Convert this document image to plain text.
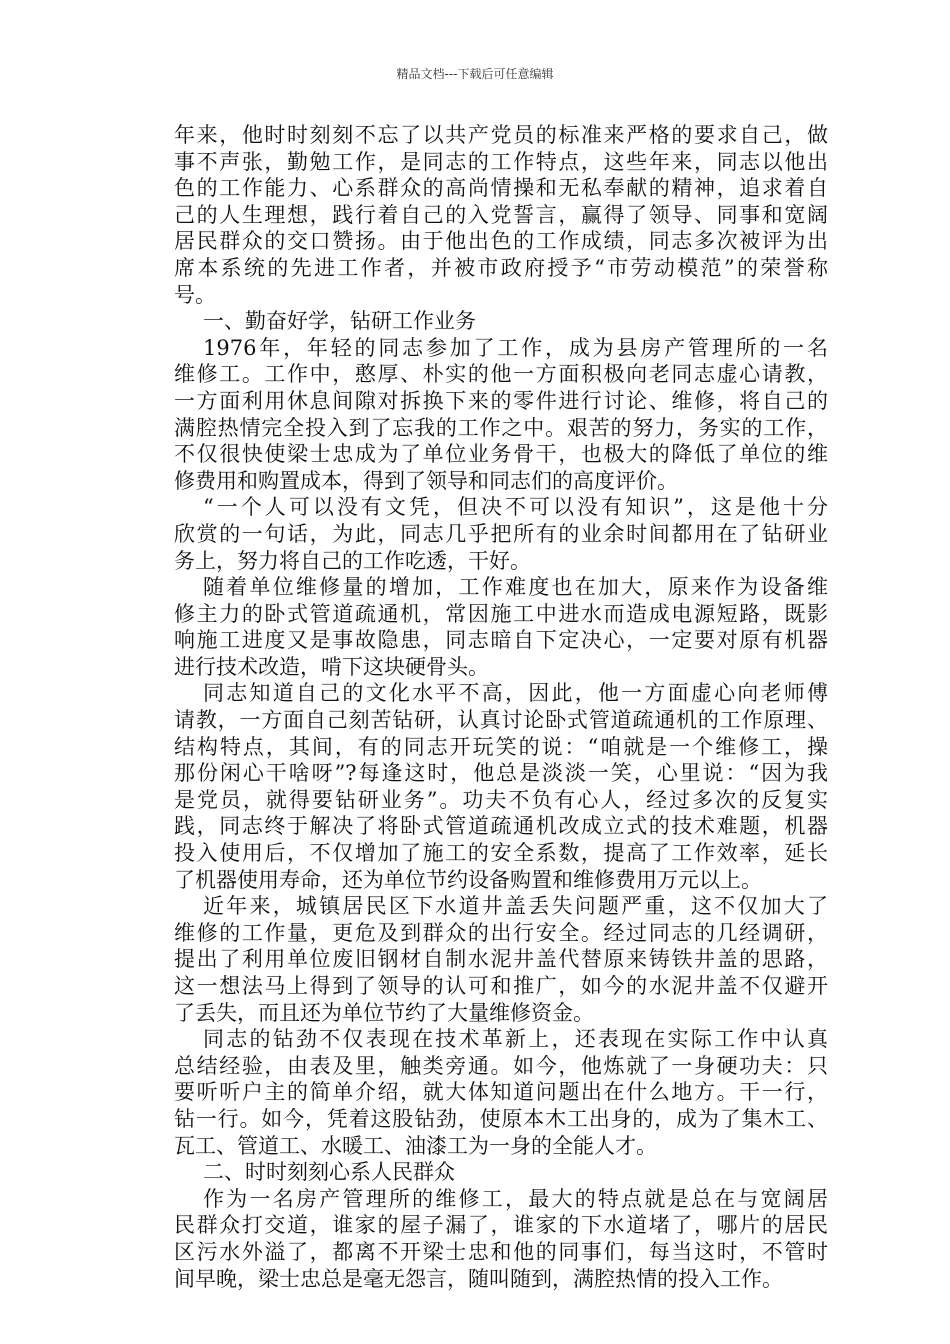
精品文档---下载后可任意编辑
年来，他时时刻刻不忘了以共产党员的标准来严格的要求自己，做
事不声张，勤勉工作，是同志的工作特点，这些年来，同志以他出
色的工作能力、心系群众的高尚情操和无私奉献的精神，追求着自
己的人生理想，践行着自己的入党誓言，赢得了领导、同事和宽阔
居民群众的交口赞扬。由于他出色的工作成绩，同志多次被评为出
席本系统的先进工作者，并被市政府授予“市劳动模范”的荣誉称
号。
一、勤奋好学，钻研工作业务
1976年，年轻的同志参加了工作，成为县房产管理所的一名
维修工。工作中，憨厚、朴实的他一方面积极向老同志虚心请教，
一方面利用休息间隙对拆换下来的零件进行讨论、维修，将自己的
满腔热情完全投入到了忘我的工作之中。艰苦的努力，务实的工作，
不仅很快使梁士忠成为了单位业务骨干，也极大的降低了单位的维
修费用和购置成本，得到了领导和同志们的高度评价。
“一个人可以没有文凭，但决不可以没有知识”，这是他十分
欣赏的一句话，为此，同志几乎把所有的业余时间都用在了钻研业
务上，努力将自己的工作吃透，干好。
随着单位维修量的增加，工作难度也在加大，原来作为设备维
修主力的卧式管道疏通机，常因施工中进水而造成电源短路，既影
响施工进度又是事故隐患，同志暗自下定决心，一定要对原有机器
进行技术改造，啃下这块硬骨头。
同志知道自己的文化水平不高，因此，他一方面虚心向老师傅
请教，一方面自己刻苦钻研，认真讨论卧式管道疏通机的工作原理、
结构特点，其间，有的同志开玩笑的说：“咱就是一个维修工，操
那份闲心干啥呀”?每逢这时，他总是淡淡一笑，心里说：“因为我
是党员，就得要钻研业务”。功夫不负有心人，经过多次的反复实
践，同志终于解决了将卧式管道疏通机改成立式的技术难题，机器
投入使用后，不仅增加了施工的安全系数，提高了工作效率，延长
了机器使用寿命，还为单位节约设备购置和维修费用万元以上。
近年来，城镇居民区下水道井盖丢失问题严重，这不仅加大了
维修的工作量，更危及到群众的出行安全。经过同志的几经调研，
提出了利用单位废旧钢材自制水泥井盖代替原来铸铁井盖的思路，
这一想法马上得到了领导的认可和推广，如今的水泥井盖不仅避开
了丢失，而且还为单位节约了大量维修资金。
同志的钻劲不仅表现在技术革新上，还表现在实际工作中认真
总结经验，由表及里，触类旁通。如今，他炼就了一身硬功夫：只
要听听户主的简单介绍，就大体知道问题出在什么地方。干一行，
钻一行。如今，凭着这股钻劲，使原本木工出身的，成为了集木工、
瓦工、管道工、水暖工、油漆工为一身的全能人才。
二、时时刻刻心系人民群众
作为一名房产管理所的维修工，最大的特点就是总在与宽阔居
民群众打交道，谁家的屋子漏了，谁家的下水道堵了，哪片的居民
区污水外溢了，都离不开梁士忠和他的同事们，每当这时，不管时
间早晚，梁士忠总是毫无怨言，随叫随到，满腔热情的投入工作。
